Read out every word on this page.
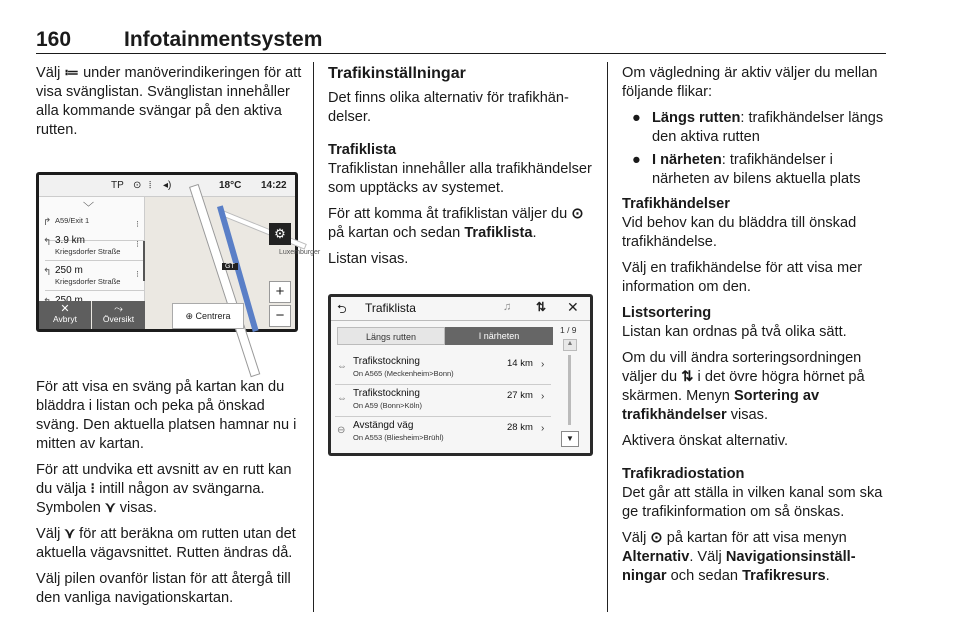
160	Infotainmentsystem

Välj ≔ under manöverindikeringen för att visa svänglistan. Svänglistan innehåller alla kommande svängar på den aktiva rutten.

TP ⊙ ⦙ ◂)	18°C 14:22
GT
Luxemburger
﹀
↱ A59/Exit 1	⁝
↰ 3.9 km
Kriegsdorfer Straße
⁝
↰ 250 m
Kriegsdorfer Straße
⁝
⚙
+
−
✕
Avbryt
⤳
Översikt	⊕ Centrera

För att visa en sväng på kartan kan du bläddra i listan och peka på önskad sväng. Den aktuella platsen hamnar nu i mitten av kartan.

För att undvika ett avsnitt av en rutt kan du välja ⁝ intill någon av svängarna. Symbolen ⋎ visas.

Välj ⋎ för att beräkna om rutten utan det aktuella vägavsnittet. Rutten ändras då.

Välj pilen ovanför listan för att återgå till den vanliga navigationskartan.

Trafikinställningar

Det finns olika alternativ för trafikhändelser.

Trafiklista

Trafiklistan innehåller alla trafikhändelser som upptäcks av systemet.

För att komma åt trafiklistan väljer du ⊙ på kartan och sedan Trafiklista.

Listan visas.

⮌ Trafiklista	♫ ⇅ ✕
Längs rutten	I närheten
1 / 9
▲
▼
⇔ Trafikstockning
On A565 (Meckenheim>Bonn)
14 km ›
⇔ Trafikstockning
On A59 (Bonn>Köln)
27 km ›
⊖ Avstängd väg
On A553 (Bliesheim>Brühl)
28 km ›

Om vägledning är aktiv väljer du mellan följande flikar:

● Längs rutten: trafikhändelser längs den aktiva rutten
● I närheten: trafikhändelser i närheten av bilens aktuella plats
Trafikhändelser

Vid behov kan du bläddra till önskad trafikhändelse.

Välj en trafikhändelse för att visa mer information om den.

Listsortering

Listan kan ordnas på två olika sätt.

Om du vill ändra sorteringsordningen väljer du ⇅ i det övre högra hörnet på skärmen. Menyn Sortering av trafikhändelser visas.

Aktivera önskat alternativ.

Trafikradiostation

Det går att ställa in vilken kanal som ska ge trafikinformation om så önskas.

Välj ⊙ på kartan för att visa menyn Alternativ. Välj Navigationsinställningar och sedan Trafikresurs.
